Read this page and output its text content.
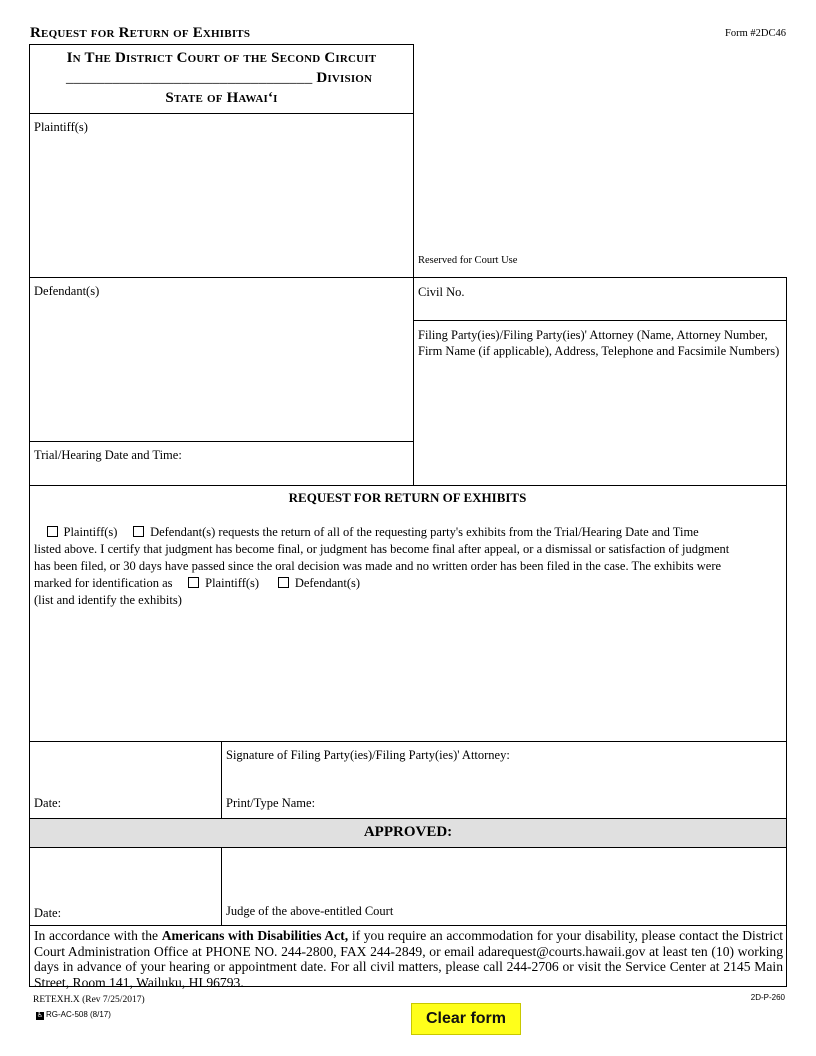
Request for Return of Exhibits	Form #2DC46
In The District Court of the Second Circuit
________________________________ Division
State of Hawaiʻi
Plaintiff(s)
Defendant(s)
Trial/Hearing Date and Time:
Reserved for Court Use
Civil No.
Filing Party(ies)/Filing Party(ies)' Attorney (Name, Attorney Number, Firm Name (if applicable), Address, Telephone and Facsimile Numbers)
REQUEST FOR RETURN OF EXHIBITS
Plaintiff(s)	Defendant(s) requests the return of all of the requesting party's exhibits from the Trial/Hearing Date and Time
listed above. I certify that judgment has become final, or judgment has become final after appeal, or a dismissal or satisfaction of judgment
has been filed, or 30 days have passed since the oral decision was made and no written order has been filed in the case. The exhibits were
marked for identification as	Plaintiff(s)	Defendant(s)
(list and identify the exhibits)
Signature of Filing Party(ies)/Filing Party(ies)' Attorney:
Date:	Print/Type Name:
APPROVED:
Date:	Judge of the above-entitled Court
In accordance with the Americans with Disabilities Act, if you require an accommodation for your disability, please contact the District Court Administration Office at PHONE NO. 244-2800, FAX 244-2849, or email adarequest@courts.hawaii.gov at least ten (10) working days in advance of your hearing or appointment date. For all civil matters, please call 244-2706 or visit the Service Center at 2145 Main Street, Room 141, Wailuku, HI 96793.
RETEXH.X (Rev 7/25/2017)
♿ RG-AC-508 (8/17)
2D-P-260
Clear form
